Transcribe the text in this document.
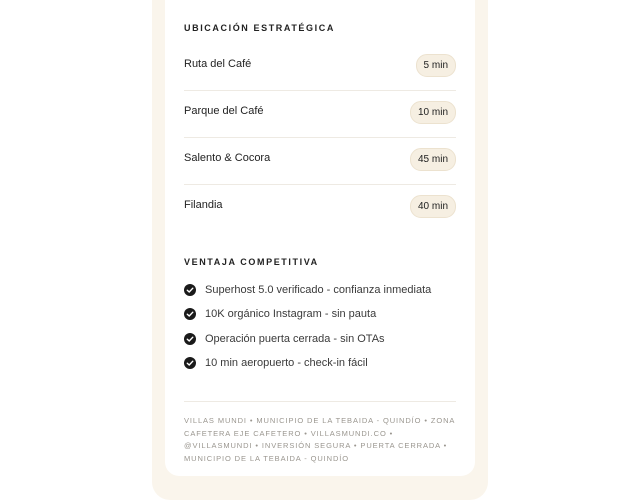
UBICACIÓN ESTRATÉGICA
Ruta del Café	5 min
Parque del Café	10 min
Salento & Cocora	45 min
Filandia	40 min
VENTAJA COMPETITIVA
Superhost 5.0 verificado - confianza inmediata
10K orgánico Instagram - sin pauta
Operación puerta cerrada - sin OTAs
10 min aeropuerto - check-in fácil
VILLAS MUNDI • MUNICIPIO DE LA TEBAIDA - QUINDÍO • ZONA CAFETERA EJE CAFETERO • VILLASMUNDI.CO • @VILLASMUNDI • INVERSIÓN SEGURA • PUERTA CERRADA • MUNICIPIO DE LA TEBAIDA - QUINDÍO
